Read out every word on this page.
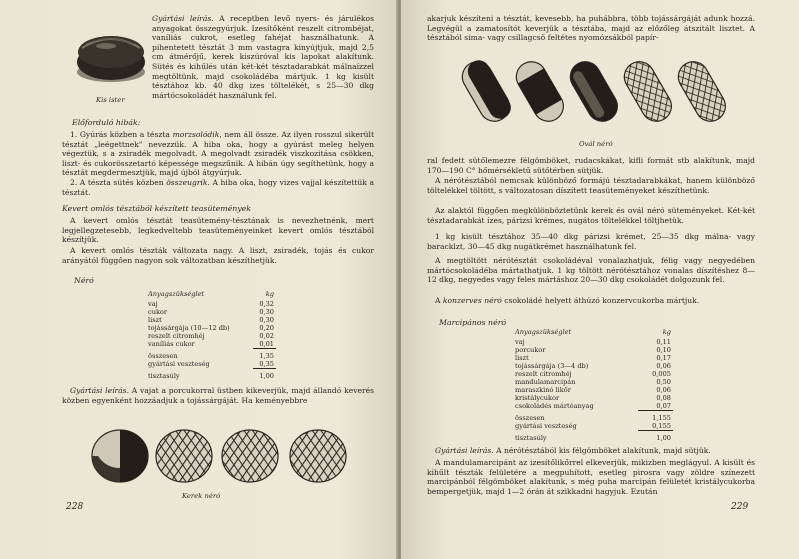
Kis ister

Gyártási leírás. A receptben levő nyers- és járulékos anyagokat összegyúrjuk. Izesítőként reszelt citrombéjat, vaníliás cukrot, esetleg fahéjat használhatunk. A pihentetett tésztát 3 mm vastagra kinyújtjuk, majd 2,5 cm átmérőjű, kerek kiszúróval kis lapokat alakítunk. Sütés és kihűlés után két-két tésztadarabkát málnaízzel megtöltünk, majd csokoládéba mártjuk. 1 kg kisült tésztához kb. 40 dkg izes töltelékét, s 25—30 dkg mártócsokoládét használunk fel.

Előforduló hibák:

1. Gyúrás közben a tészta morzsolódik, nem áll össze. Az ilyen rosszul sikerült tésztát „leégettnek" nevezzük. A hiba oka, hogy a gyúrást meleg helyen végeztük, s a zsiradék megolvadt. A megolvadt zsiradék viszkozitása csökken, liszt- és cukorösszetartó képessége megszűnik. A hibán úgy segíthetünk, hogy a tésztát megdermesztjük, majd újból átgyúrjuk.

2. A tészta sütés közben összeugrik. A hiba oka, hogy vizes vajjal készítettük a tésztát.

Kevert omlós tésztából készített teasütemények

A kevert omlós tésztát teasütemény-tésztának is nevezhetnénk, mert legjellegzetesebb, legkedveltebb teasüteményeinket kevert omlós tésztából készítjük.

A kevert omlós tészták változata nagy. A liszt, zsiradék, tojás és cukor arányától függően nagyon sok változatban készíthetjük.

Néró

Anyagszükséglet	kg
vaj	0,32
cukor	0,30
liszt	0,30
tojássárgája (10—12 db)	0,20
reszelt citromhéj	0,02
vaníliás cukor	0,01
összesen	1,35
gyártási veszteség	0,35
tisztasúly	1,00

Gyártási leírás. A vajat a porcukorral üstben kikeverjük, majd állandó keverés közben egyenként hozzáadjuk a tojássárgáját. Ha keményebbre

Kerek néró

228

akarjuk készíteni a tésztát, kevesebb, ha puhábbra, több tojássárgáját adunk hozzá. Legvégül a zamatosítót keverjük a tésztába, majd az előzőleg átszitált lisztet. A tésztából sima- vagy csillagcső feltétes nyomózsákból papír-

Ovál néró

ral fedett sütőlemezre félgömböket, rudacskákat, kifli formát stb alakítunk, majd 170—190 C° hőmérsékletű sütőtérben sütjük.

A nérótésztából nemcsak különböző formájú tésztadarabkákat, hanem különböző töltelékkel töltött, s változatosan díszített teasüteményeket készíthetünk.

Az alaktól függően megkülönböztetünk kerek és ovál néró süteményeket. Két-két tésztadarabkát ízes, párizsi krémes, nugátos töltelékkel töltjhetük.

1 kg kisült tésztához 35—40 dkg párizsi krémet, 25—35 dkg málna- vagy baracklzt, 30—45 dkg nugátkrémet használhatunk fel.

A megtöltött nérótésztát csokoládéval vonalazhatjuk, félig vagy negyedében mártócsokoládéba mártathatjuk. 1 kg töltött nérótésztához vonalas díszítéshez 8—12 dkg, negyedes vagy feles mártáshoz 20—30 dkg csokoládét dolgozunk fel.

A konzerves néró csokoládé helyett áthúzó konzervcukorba mártjuk.

Marcipános néró

Anyagszükséglet	kg
vaj	0,11
porcukor	0,10
liszt	0,17
tojássárgája (3—4 db)	0,06
reszelt citromhéj	0,005
mandulamarcipán	0,50
maraszkinó likőr	0,06
kristálycukor	0,08
csokoládés mártóanyag	0,07
összesen	1,155
gyártási veszteség	0,155
tisztasúly	1,00

Gyártási leírás. A nérótésztából kis félgömböket alakítunk, majd sütjük.

A mandulamarcipánt az izesítőlikőrrel elkeverjük, mikizben meglágyul. A kisült és kihűlt tészták felületére a megpuhított, esetleg pirosra vagy zöldre színezett marcipánból félgömböket alakítunk, s még puha marcipán felületét kristálycukorba bempergetjük, majd 1—2 órán át szikkadni hagyjuk. Ezután

229
